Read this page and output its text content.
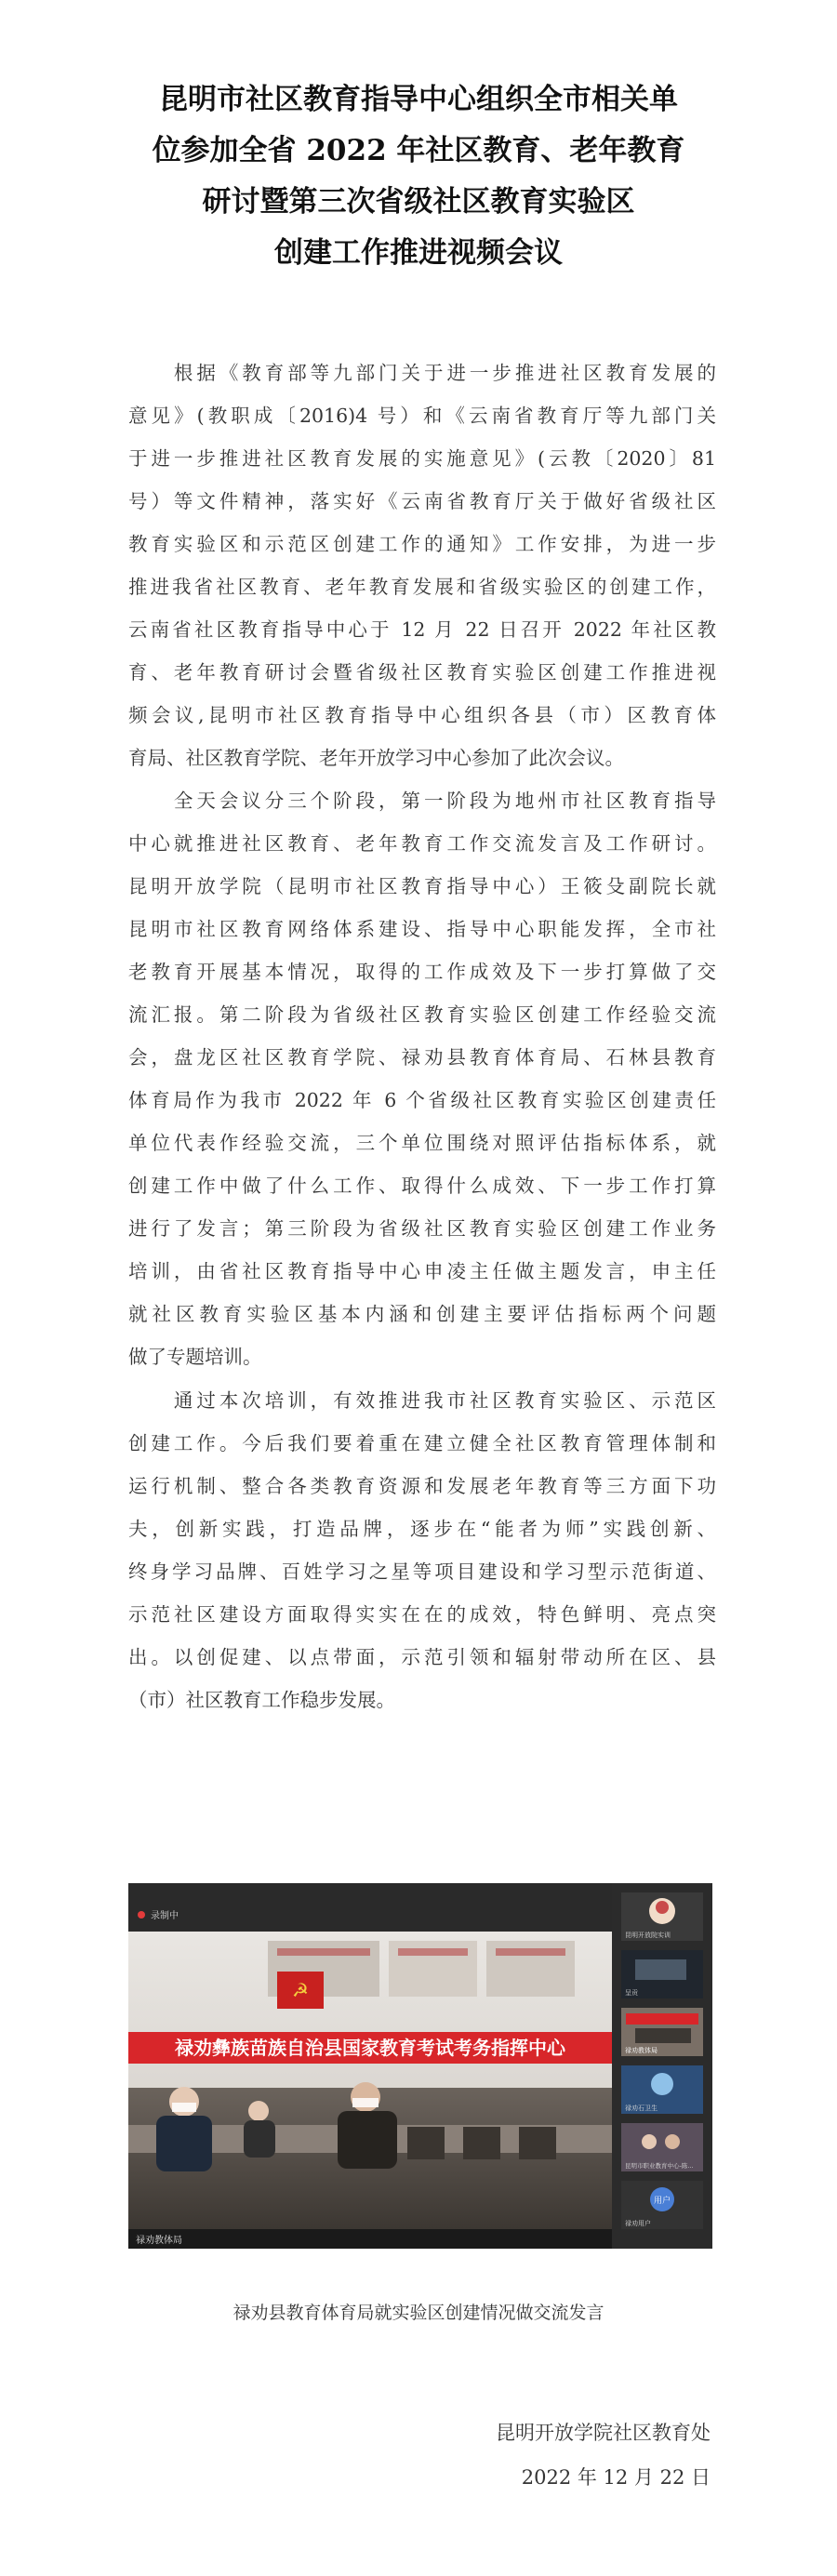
昆明市社区教育指导中心组织全市相关单
位参加全省 2022 年社区教育、老年教育
研讨暨第三次省级社区教育实验区
创建工作推进视频会议
　　根据《教育部等九部门关于进一步推进社区教育发展的
意见》(教职成〔2016)4 号）和《云南省教育厅等九部门关
于进一步推进社区教育发展的实施意见》(云教〔2020〕81
号）等文件精神，落实好《云南省教育厅关于做好省级社区
教育实验区和示范区创建工作的通知》工作安排，为进一步
推进我省社区教育、老年教育发展和省级实验区的创建工作，
云南省社区教育指导中心于 12 月 22 日召开 2022 年社区教
育、老年教育研讨会暨省级社区教育实验区创建工作推进视
频会议,昆明市社区教育指导中心组织各县（市）区教育体
育局、社区教育学院、老年开放学习中心参加了此次会议。
　　全天会议分三个阶段，第一阶段为地州市社区教育指导
中心就推进社区教育、老年教育工作交流发言及工作研讨。
昆明开放学院（昆明市社区教育指导中心）王筱殳副院长就
昆明市社区教育网络体系建设、指导中心职能发挥，全市社
老教育开展基本情况，取得的工作成效及下一步打算做了交
流汇报。第二阶段为省级社区教育实验区创建工作经验交流
会，盘龙区社区教育学院、禄劝县教育体育局、石林县教育
体育局作为我市 2022 年 6 个省级社区教育实验区创建责任
单位代表作经验交流，三个单位围绕对照评估指标体系，就
创建工作中做了什么工作、取得什么成效、下一步工作打算
进行了发言；第三阶段为省级社区教育实验区创建工作业务
培训，由省社区教育指导中心申凌主任做主题发言，申主任
就社区教育实验区基本内涵和创建主要评估指标两个问题
做了专题培训。
　　通过本次培训，有效推进我市社区教育实验区、示范区
创建工作。今后我们要着重在建立健全社区教育管理体制和
运行机制、整合各类教育资源和发展老年教育等三方面下功
夫，创新实践，打造品牌，逐步在“能者为师”实践创新、
终身学习品牌、百姓学习之星等项目建设和学习型示范街道、
示范社区建设方面取得实实在在的成效，特色鲜明、亮点突
出。以创促建、以点带面，示范引领和辐射带动所在区、县
（市）社区教育工作稳步发展。
录制中
☭
禄劝彝族苗族自治县国家教育考试考务指挥中心
禄劝教体局
昆明开放院实训
呈贡
禄劝教体局
禄劝石卫生
昆明市职业教育中心-陈...
用户
禄劝用户
禄劝县教育体育局就实验区创建情况做交流发言
昆明开放学院社区教育处
2022 年 12 月 22 日
